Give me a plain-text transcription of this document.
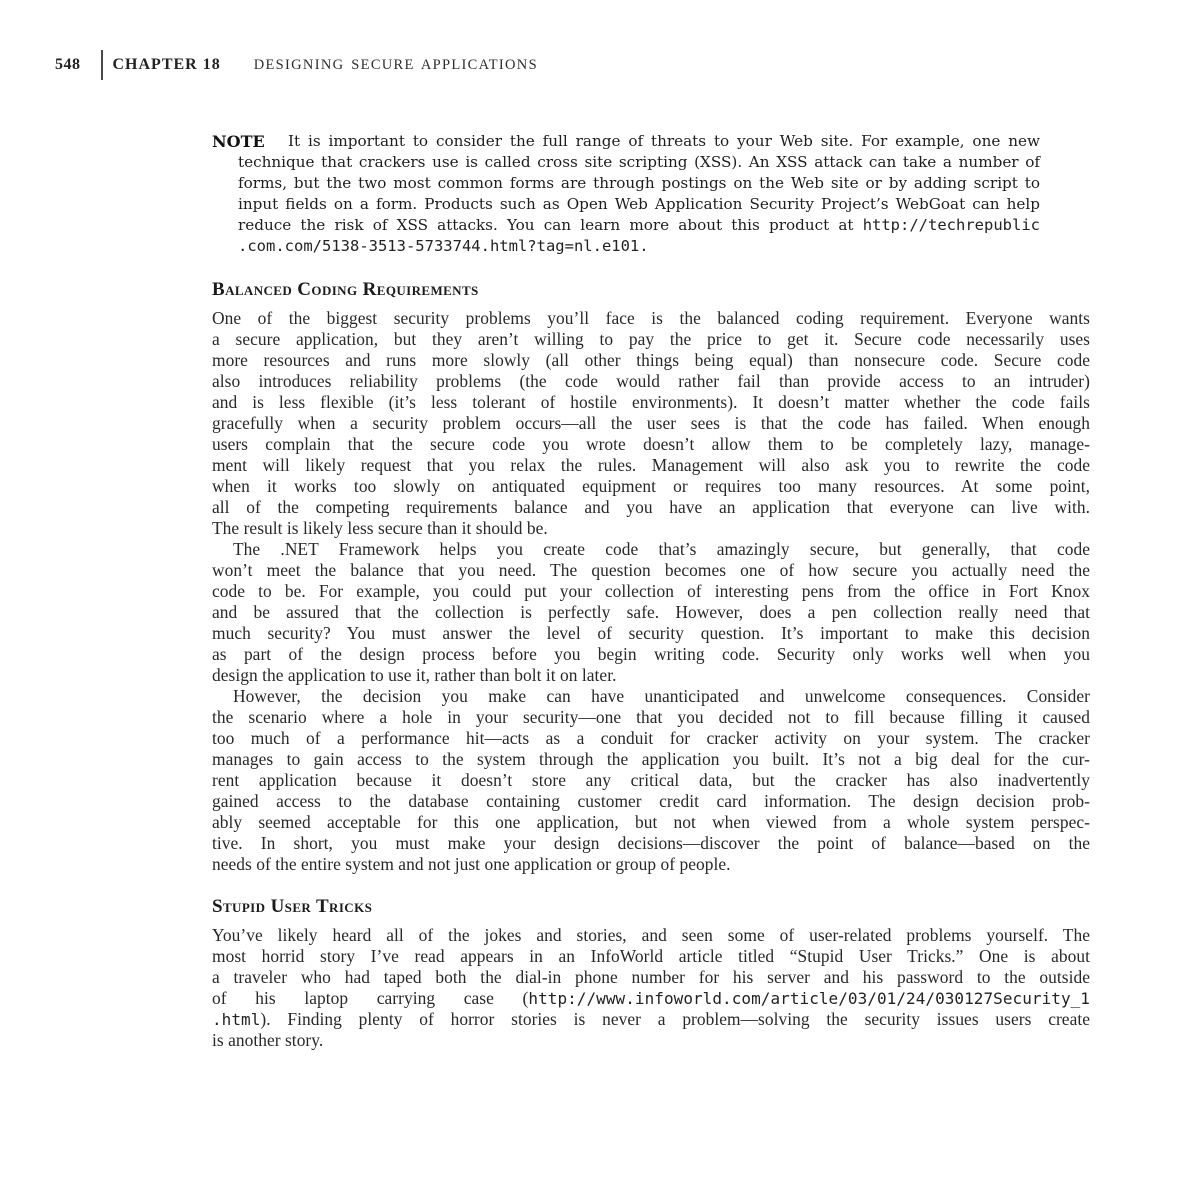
548 CHAPTER 18 DESIGNING SECURE APPLICATIONS
NOTE	It is important to consider the full range of threats to your Web site. For example, one new
technique that crackers use is called cross site scripting (XSS). An XSS attack can take a number of
forms, but the two most common forms are through postings on the Web site or by adding script to
input fields on a form. Products such as Open Web Application Security Project’s WebGoat can help
reduce the risk of XSS attacks. You can learn more about this product at http://techrepublic
.com.com/5138-3513-5733744.html?tag=nl.e101.
Balanced Coding Requirements
One of the biggest security problems you’ll face is the balanced coding requirement. Everyone wants
a secure application, but they aren’t willing to pay the price to get it. Secure code necessarily uses
more resources and runs more slowly (all other things being equal) than nonsecure code. Secure code
also introduces reliability problems (the code would rather fail than provide access to an intruder)
and is less flexible (it’s less tolerant of hostile environments). It doesn’t matter whether the code fails
gracefully when a security problem occurs—all the user sees is that the code has failed. When enough
users complain that the secure code you wrote doesn’t allow them to be completely lazy, manage-
ment will likely request that you relax the rules. Management will also ask you to rewrite the code
when it works too slowly on antiquated equipment or requires too many resources. At some point,
all of the competing requirements balance and you have an application that everyone can live with.
The result is likely less secure than it should be.
The .NET Framework helps you create code that’s amazingly secure, but generally, that code
won’t meet the balance that you need. The question becomes one of how secure you actually need the
code to be. For example, you could put your collection of interesting pens from the office in Fort Knox
and be assured that the collection is perfectly safe. However, does a pen collection really need that
much security? You must answer the level of security question. It’s important to make this decision
as part of the design process before you begin writing code. Security only works well when you
design the application to use it, rather than bolt it on later.
However, the decision you make can have unanticipated and unwelcome consequences. Consider
the scenario where a hole in your security—one that you decided not to fill because filling it caused
too much of a performance hit—acts as a conduit for cracker activity on your system. The cracker
manages to gain access to the system through the application you built. It’s not a big deal for the cur-
rent application because it doesn’t store any critical data, but the cracker has also inadvertently
gained access to the database containing customer credit card information. The design decision prob-
ably seemed acceptable for this one application, but not when viewed from a whole system perspec-
tive. In short, you must make your design decisions—discover the point of balance—based on the
needs of the entire system and not just one application or group of people.
Stupid User Tricks
You’ve likely heard all of the jokes and stories, and seen some of user-related problems yourself. The
most horrid story I’ve read appears in an InfoWorld article titled “Stupid User Tricks.” One is about
a traveler who had taped both the dial-in phone number for his server and his password to the outside
of his laptop carrying case (http://www.infoworld.com/article/03/01/24/030127Security_1
.html). Finding plenty of horror stories is never a problem—solving the security issues users create
is another story.
